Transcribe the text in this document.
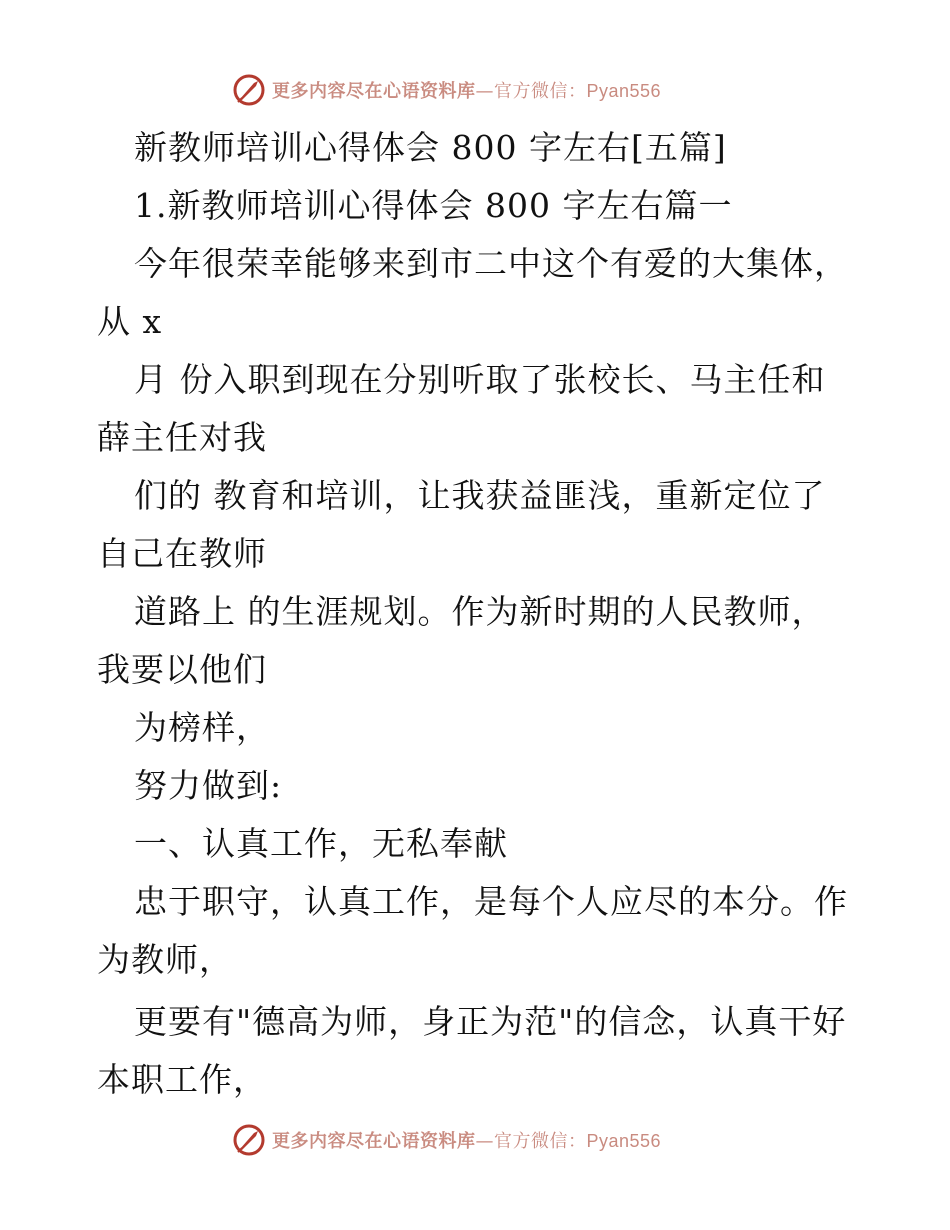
更多内容尽在心语资料库—官方微信：Pyan556
新教师培训心得体会 800 字左右[五篇]
1.新教师培训心得体会 800 字左右篇一
今年很荣幸能够来到市二中这个有爱的大集体，
从 x
月 份入职到现在分别听取了张校长、马主任和
薛主任对我
们的 教育和培训，让我获益匪浅，重新定位了
自己在教师
道路上 的生涯规划。作为新时期的人民教师，
我要以他们
为榜样，
努力做到:
一、认真工作，无私奉献
忠于职守，认真工作，是每个人应尽的本分。作
为教师，
更要有"德高为师，身正为范"的信念，认真干好
本职工作，
更多内容尽在心语资料库—官方微信：Pyan556
